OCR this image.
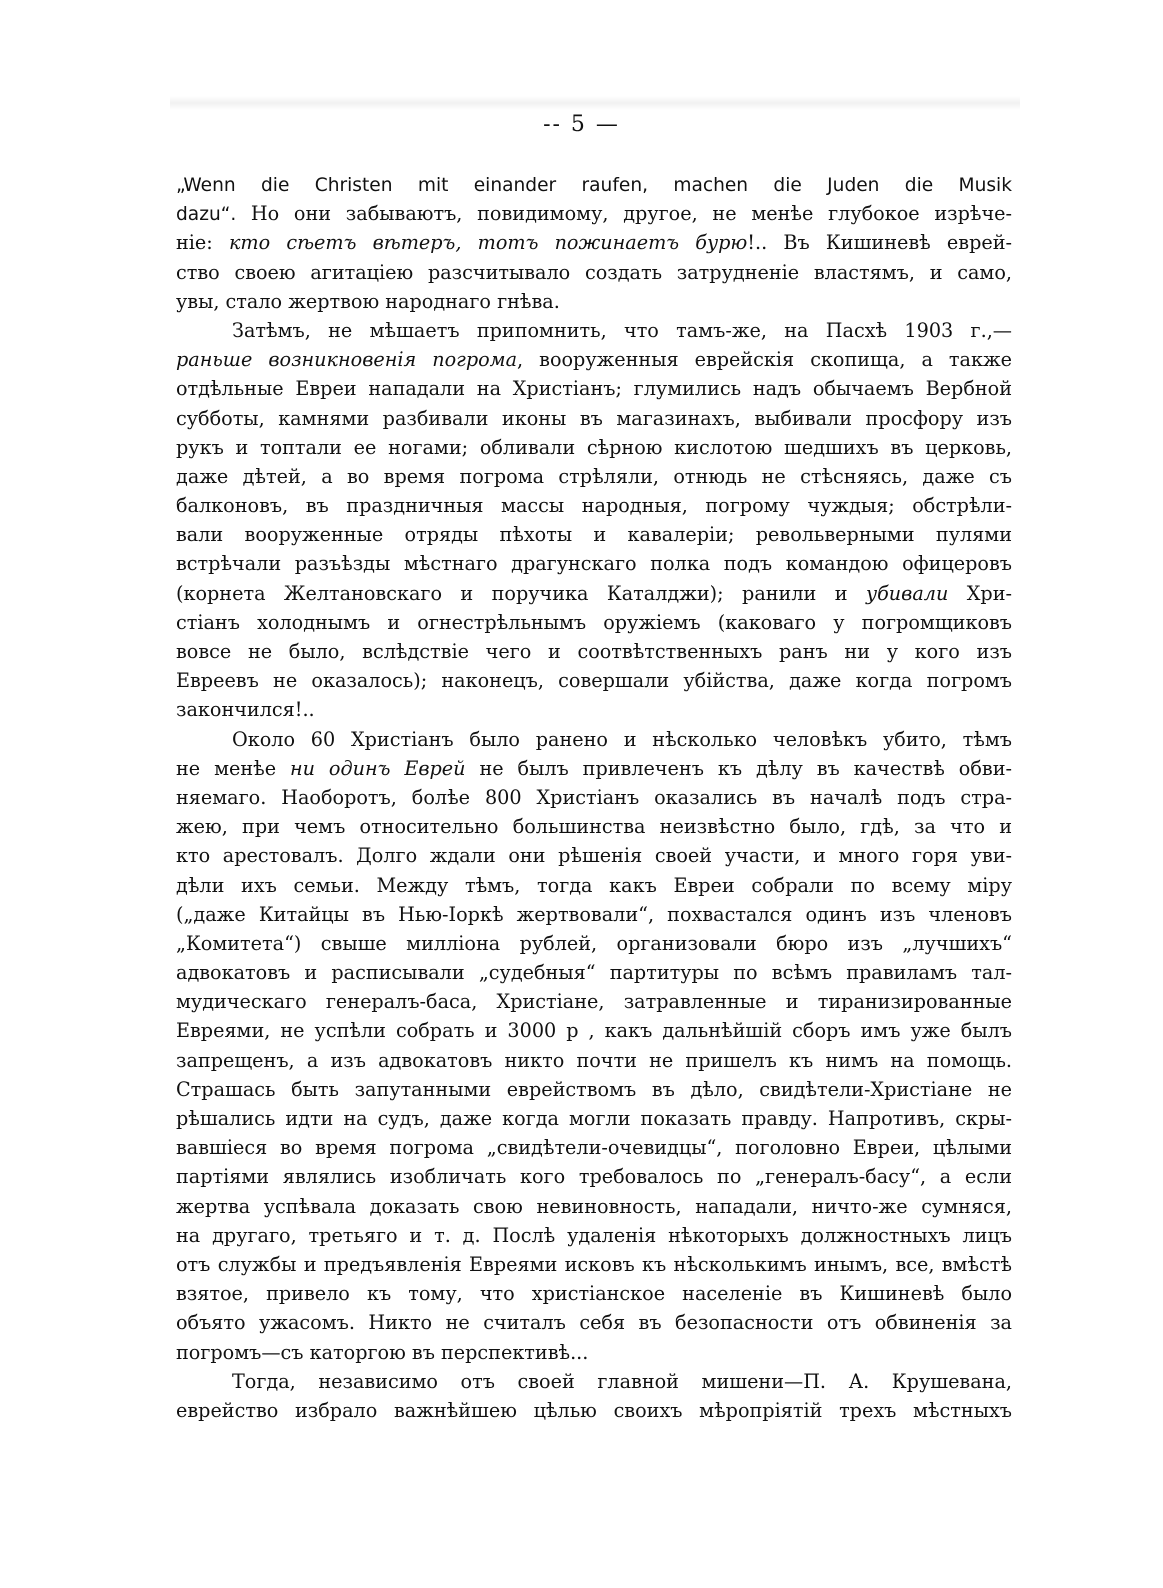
-- 5 —
„Wenn die Christen mit einander raufen, machen die Juden die Musik
dazu“. Но они забываютъ, повидимому, другое, не менѣе глубокое изрѣче-
ніе: кто сѣетъ вѣтеръ, тотъ пожинаетъ бурю!.. Въ Кишиневѣ еврей-
ство своею агитаціею разсчитывало создать затрудненіе властямъ, и само,
увы, стало жертвою народнаго гнѣва.
Затѣмъ, не мѣшаетъ припомнить, что тамъ-же, на Пасхѣ 1903 г.,—
раньше возникновенія погрома, вооруженныя еврейскія скопища, а также
отдѣльные Евреи нападали на Христіанъ; глумились надъ обычаемъ Вербной
субботы, камнями разбивали иконы въ магазинахъ, выбивали просфору изъ
рукъ и топтали ее ногами; обливали сѣрною кислотою шедшихъ въ церковь,
даже дѣтей, а во время погрома стрѣляли, отнюдь не стѣсняясь, даже съ
балконовъ, въ праздничныя массы народныя, погрому чуждыя; обстрѣли-
вали вооруженные отряды пѣхоты и кавалеріи; револьверными пулями
встрѣчали разъѣзды мѣстнаго драгунскаго полка подъ командою офицеровъ
(корнета Желтановскаго и поручика Каталджи); ранили и убивали Хри-
стіанъ холоднымъ и огнестрѣльнымъ оружіемъ (каковаго у погромщиковъ
вовсе не было, вслѣдствіе чего и соотвѣтственныхъ ранъ ни у кого изъ
Евреевъ не оказалось); наконецъ, совершали убійства, даже когда погромъ
закончился!..
Около 60 Христіанъ было ранено и нѣсколько человѣкъ убито, тѣмъ
не менѣе ни одинъ Еврей не былъ привлеченъ къ дѣлу въ качествѣ обви-
няемаго. Наоборотъ, болѣе 800 Христіанъ оказались въ началѣ подъ стра-
жею, при чемъ относительно большинства неизвѣстно было, гдѣ, за что и
кто арестовалъ. Долго ждали они рѣшенія своей участи, и много горя уви-
дѣли ихъ семьи. Между тѣмъ, тогда какъ Евреи собрали по всему міру
(„даже Китайцы въ Нью-Іоркѣ жертвовали“, похвастался одинъ изъ членовъ
„Комитета“) свыше милліона рублей, организовали бюро изъ „лучшихъ“
адвокатовъ и расписывали „судебныя“ партитуры по всѣмъ правиламъ тал-
мудическаго генералъ-баса, Христіане, затравленные и тиранизированные
Евреями, не успѣли собрать и 3000 р , какъ дальнѣйшій сборъ имъ уже былъ
запрещенъ, а изъ адвокатовъ никто почти не пришелъ къ нимъ на помощь.
Страшась быть запутанными еврействомъ въ дѣло, свидѣтели-Христіане не
рѣшались идти на судъ, даже когда могли показать правду. Напротивъ, скры-
вавшіеся во время погрома „свидѣтели-очевидцы“, поголовно Евреи, цѣлыми
партіями являлись изобличать кого требовалось по „генералъ-басу“, а если
жертва успѣвала доказать свою невиновность, нападали, ничто-же сумняся,
на другаго, третьяго и т. д. Послѣ удаленія нѣкоторыхъ должностныхъ лицъ
отъ службы и предъявленія Евреями исковъ къ нѣсколькимъ инымъ, все, вмѣстѣ
взятое, привело къ тому, что христіанское населеніе въ Кишиневѣ было
объято ужасомъ. Никто не считалъ себя въ безопасности отъ обвиненія за
погромъ—съ каторгою въ перспективѣ...
Тогда, независимо отъ своей главной мишени—П. А. Крушевана,
еврейство избрало важнѣйшею цѣлью своихъ мѣропріятій трехъ мѣстныхъ
